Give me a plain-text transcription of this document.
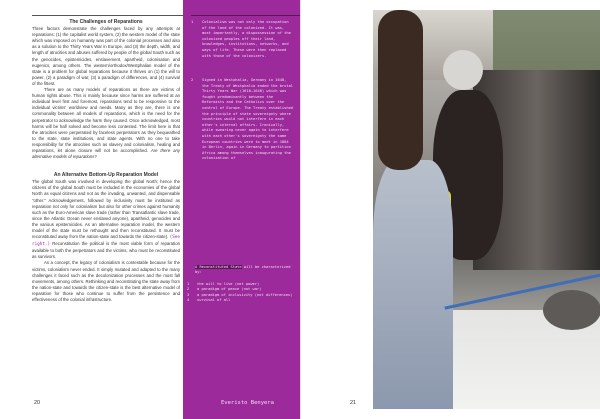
The Challenges of Reparations

Three factors demonstrate the challenges faced by any attempts at reparations: (1) the capitalist world system, (2) the western model of the state which was imposed on humanity was part of the colonial processes and also as a solution to the Thirty Years War in Europe, and (3) the depth, width, and length of atrocities and abuses suffered by people of the global South such as the genocides, epistemicides, enslavement, apartheid, colonisation and eugenics, among others. The western/orthodox/Westphalian model of the state is a problem for global reparations because it thrives on (1) the will to power, (2) a paradigm of war, (3) a paradigm of differences, and (4) survival of the fittest.

There are as many models of reparations as there are victims of human rights abuse. This is mainly because since harms are suffered at an individual level first and foremost, reparations tend to be responsive to the individual victims' worldview and needs. Many as they are, there is one commonality between all models of reparations, which is the need for the perpetrator to acknowledge the harm they caused. Once acknowledged, most harms will be half solved and become less contested. The limit here is that the atrocities were perpetrated by faceless perpetrators as they bequeathed to the state, state institutions, and state agents. With no one to take responsibility for the atrocities such as slavery and colonialism, healing and reparations, let alone closure will not be accomplished. Are there any alternative models of reparations?

An Alternative Bottom-Up Reparation Model

The global South was involved in developing the global North; hence the citizens of the global South must be included in the economies of the global North as equal citizens and not as the invading, unwanted, and dispensable "other." Acknowledgement, followed by inclusivity must be instituted as reparation not only for colonialism but also for other crimes against humanity such as the Euro-American slave trade (rather than Transatlantic slave trade, since the Atlantic Ocean never enslaved anyone), apartheid, genocides and the various epistemicides. As an alternative reparation model, the western model of the state must be rethought and then reconstituted. It must be reconstituted away from the nation-state and towards the citizen-state). (See right.) Reconstitution the political is the most viable form of reparation available to both the perpetrators and the victims, who must be reconstituted as survivors.

As a concept, the legacy of colonialism is contestable because for the victims, colonialism never ended. It simply mutated and adapted to the many challenges it faced such as the decolonization processes and the most fall movements, among others. Rethinking and reconstituting the state away from the nation-state and towards the citizen-state is the best alternative model of reparation for those who continue to suffer from the persistence and effectiveness of the colonial infrastructure.

1	Colonialism was not only the occupation of the land of the colonized. It was, most importantly, a dispossession of the colonized peoples off their land, knowledges, institutions, networks, and ways of life. These were then replaced with those of the colonizers.
2	Signed in Westphalia, Germany in 1648, the Treaty of Westphalia ended the brutal Thirty Years War (1618–1648) which was fought predominantly between the Reformists and the Catholics over the control of Europe. The Treaty established the principle of state sovereignty where countries would not interfere in each other's internal affairs. Ironically, while swearing never again to interfere with each other's sovereignty the same European countries were to meet in 1884 in Berlin, again in Germany to partition Africa among themselves inaugurating the colonization of
A Reconstituted State will be characterized by:
1	the will to live (not power)
2	a paradigm of peace (not war)
3	a paradigm of inclusivity (not differences)
4	survival of all
Everisto Benyera
20	21
